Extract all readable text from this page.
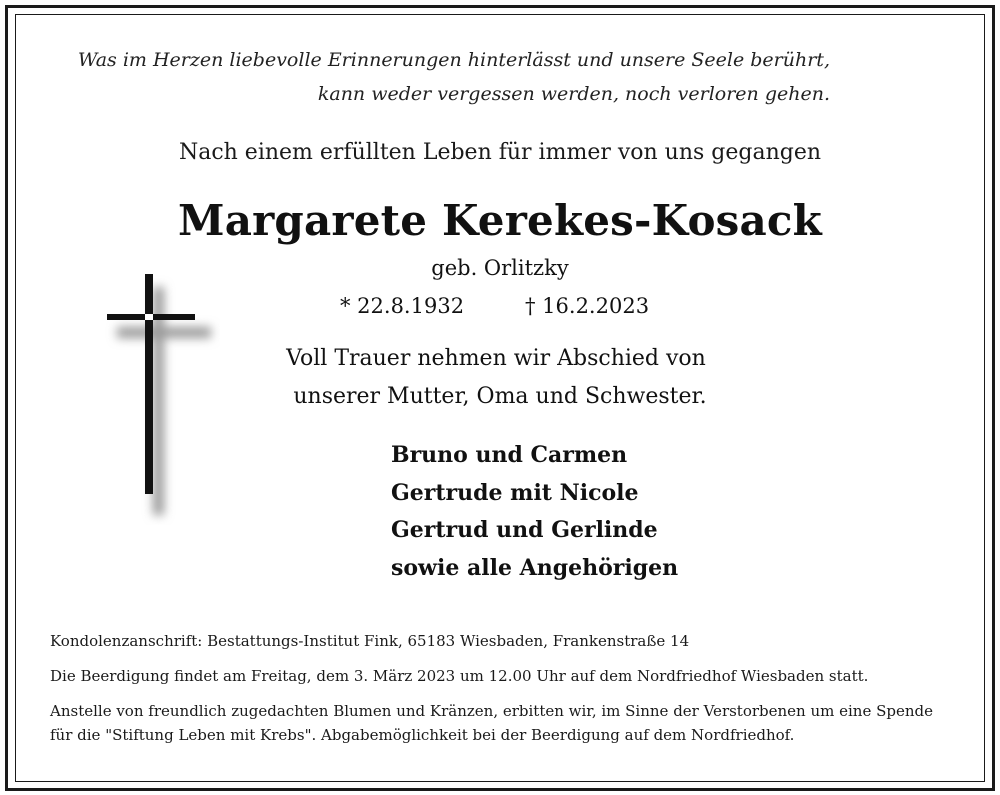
Was im Herzen liebevolle Erinnerungen hinterlässt und unsere Seele berührt,
kann weder vergessen werden, noch verloren gehen.
Nach einem erfüllten Leben für immer von uns gegangen
Margarete Kerekes-Kosack
geb. Orlitzky
* 22.8.1932	† 16.2.2023
Voll Trauer nehmen wir Abschied von
unserer Mutter, Oma und Schwester.
Bruno und Carmen
Gertrude mit Nicole
Gertrud und Gerlinde
sowie alle Angehörigen
Kondolenzanschrift: Bestattungs-Institut Fink, 65183 Wiesbaden, Frankenstraße 14
Die Beerdigung findet am Freitag, dem 3. März 2023 um 12.00 Uhr auf dem Nordfriedhof Wiesbaden statt.
Anstelle von freundlich zugedachten Blumen und Kränzen, erbitten wir, im Sinne der Verstorbenen um eine Spende für die "Stiftung Leben mit Krebs". Abgabemöglichkeit bei der Beerdigung auf dem Nordfriedhof.
